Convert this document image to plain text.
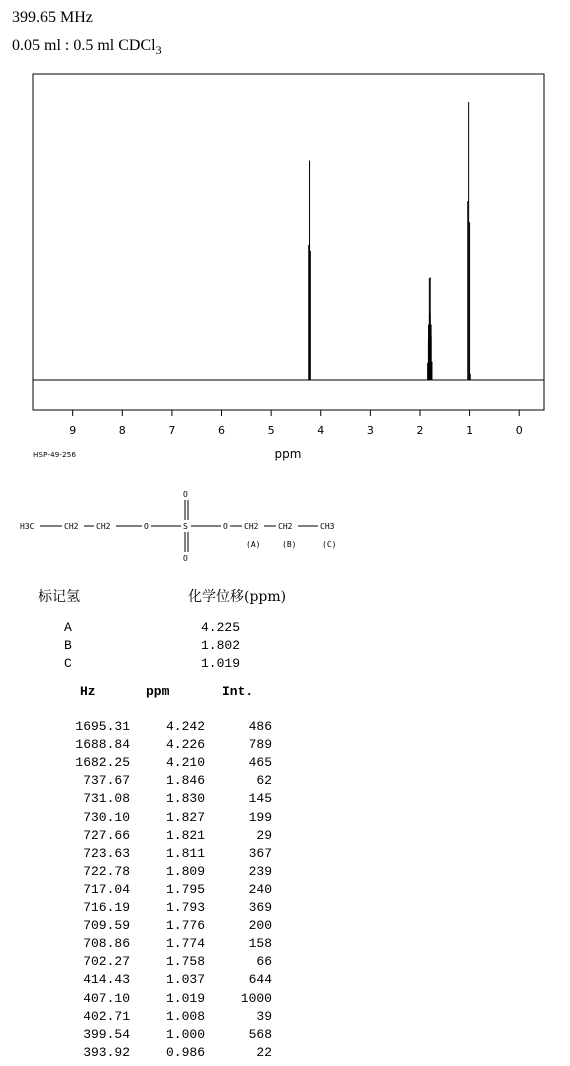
399.65 MHz
0.05 ml : 0.5 ml CDCl$_3$
9	8	7	6	5	4	3	2	1	0
ppm
HSP-49-256
H3C	CH2 CH2	O
O
S
O
O CH2 CH2	CH3
(A)	(B)	(C)
标记氢	化学位移(ppm)
A	4.225
B	1.802
C	1.019
Hz	ppm	Int.
1695.31	4.242	486
1688.84	4.226	789
1682.25	4.210	465
737.67	1.846	62
731.08	1.830	145
730.10	1.827	199
727.66	1.821	29
723.63	1.811	367
722.78	1.809	239
717.04	1.795	240
716.19	1.793	369
709.59	1.776	200
708.86	1.774	158
702.27	1.758	66
414.43	1.037	644
407.10	1.019	1000
402.71	1.008	39
399.54	1.000	568
393.92	0.986	22
